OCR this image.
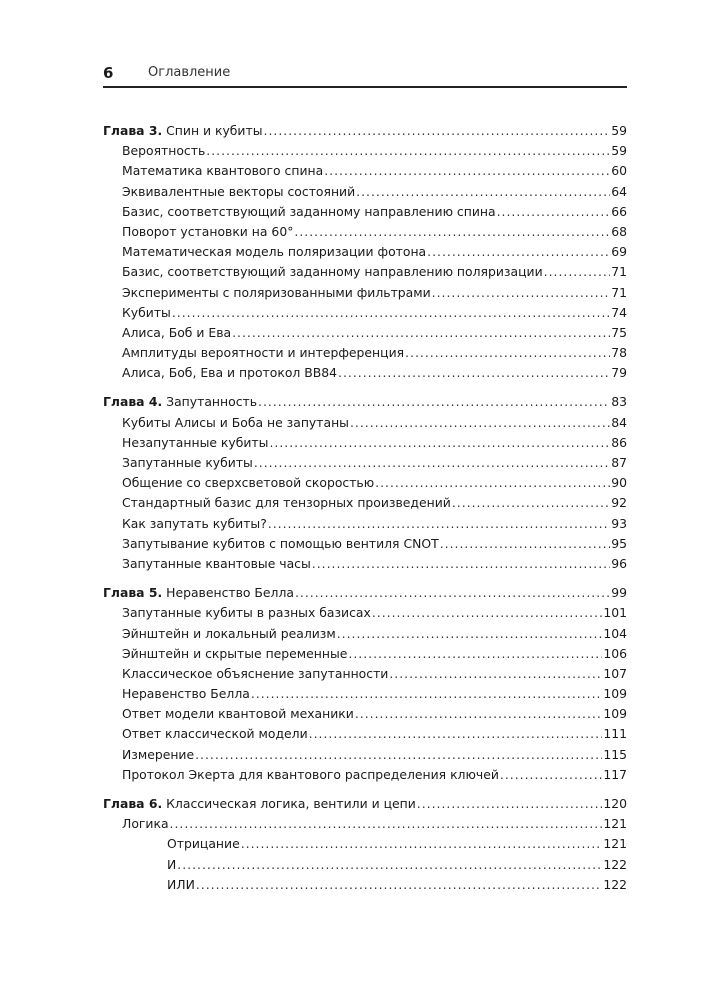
6	Оглавление
Глава 3. Спин и кубиты .....	59
Вероятность .....	59
Математика квантового спина .....	60
Эквивалентные векторы состояний .....	64
Базис, соответствующий заданному направлению спина .....	66
Поворот установки на 60° .....	68
Математическая модель поляризации фотона .....	69
Базис, соответствующий заданному направлению поляризации .....	71
Эксперименты с поляризованными фильтрами .....	71
Кубиты .....	74
Алиса, Боб и Ева .....	75
Амплитуды вероятности и интерференция .....	78
Алиса, Боб, Ева и протокол BB84 .....	79
Глава 4. Запутанность .....	83
Кубиты Алисы и Боба не запутаны .....	84
Незапутанные кубиты .....	86
Запутанные кубиты .....	87
Общение со сверхсветовой скоростью .....	90
Стандартный базис для тензорных произведений .....	92
Как запутать кубиты? .....	93
Запутывание кубитов с помощью вентиля CNOT .....	95
Запутанные квантовые часы .....	96
Глава 5. Неравенство Белла .....	99
Запутанные кубиты в разных базисах .....	101
Эйнштейн и локальный реализм .....	104
Эйнштейн и скрытые переменные .....	106
Классическое объяснение запутанности .....	107
Неравенство Белла .....	109
Ответ модели квантовой механики .....	109
Ответ классической модели .....	111
Измерение .....	115
Протокол Экерта для квантового распределения ключей .....	117
Глава 6. Классическая логика, вентили и цепи .....	120
Логика .....	121
Отрицание .....	121
И .....	122
ИЛИ .....	122
